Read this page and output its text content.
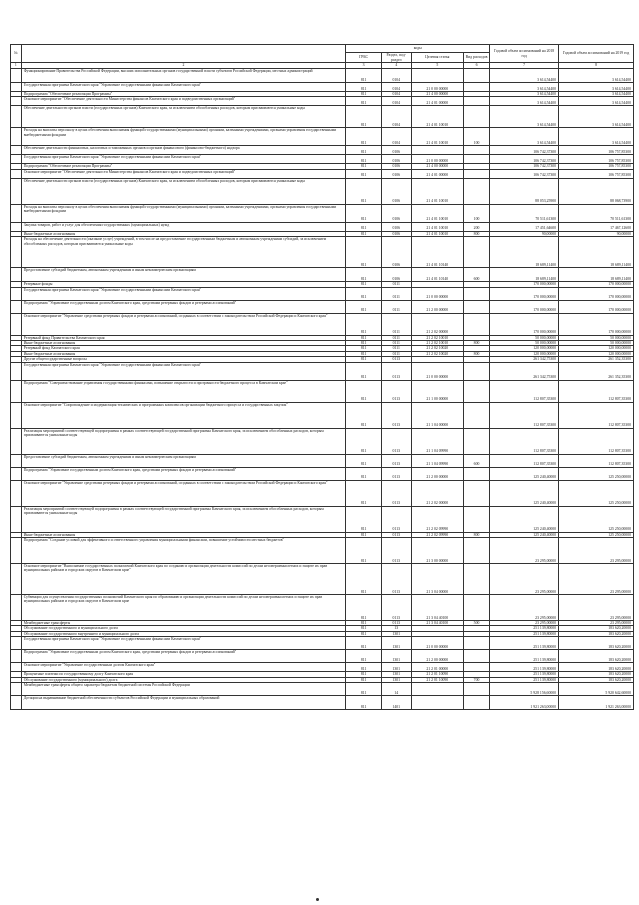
№		коды				Годовой объем ассигнований на 2018 год	Годовой объем ассигнований на 2019 год
		ГРБС	Раздел, под-раздел	Целевая статья	Вид расходов		
1	2	3	4	5	6	7	8
	Функционирование Правительства Российской Федерации, высших исполнительных органов государственной власти субъектов Российской Федерации, местных администраций	811	0104			3 614,54400	3 614,54400
	Государственная программа Камчатского края "Управление государственными финансами Камчатского края"	811	0104	21 0 00 00000		3 614,54400	3 614,54400
	Подпрограмма "Обеспечение реализации Программы"	811	0104	21 4 00 00000		3 614,54400	3 614,54400
	Основное мероприятие "Обеспечение деятельности Министерства финансов Камчатского края и подведомственных организаций"	811	0104	21 4 01 00000		3 614,54400	3 614,54400
	Обеспечение деятельности органов власти (государственных органов) Камчатского края, за исключением обособленных расходов, которым присваиваются уникальные коды	811	0104	21 4 01 10010		3 614,54400	3 614,54400
	Расходы на выплаты персоналу в целях обеспечения выполнения функций государственными (муниципальными) органами, казенными учреждениями, органами управления государственными внебюджетными фондами	811	0104	21 4 01 10010	100	3 614,54400	3 614,54400
	Обеспечение деятельности финансовых, налоговых и таможенных органов и органов финансового (финансово-бюджетного) надзора	811	0106			106 742,37300	106 757,85300
	Государственная программа Камчатского края "Управление государственными финансами Камчатского края"	811	0106	21 0 00 00000		106 742,37300	106 757,85300
	Подпрограмма "Обеспечение реализации Программы"	811	0106	21 4 00 00000		106 742,37300	106 757,85300
	Основное мероприятие "Обеспечение деятельности Министерства финансов Камчатского края и подведомственных организаций"	811	0106	21 4 01 00000		106 742,37300	106 757,85300
	Обеспечение деятельности органов власти (государственных органов) Камчатского края, за исключением обособленных расходов, которым присваиваются уникальные коды	811	0106	21 4 01 10010		88 053,25900	88 068,73900
	Расходы на выплаты персоналу в целях обеспечения выполнения функций государственными (муниципальными) органами, казенными учреждениями, органами управления государственными внебюджетными фондами	811	0106	21 4 01 10010	100	70 511,61300	70 511,61300
	Закупка товаров, работ и услуг для обеспечения государственных (муниципальных) нужд	811	0106	21 4 01 10010	200	17 451,64600	17 467,12600
	Иные бюджетные ассигнования	811	0106	21 4 01 10010	800	90,00000	90,00000
	Расходы на обеспечение деятельности (оказание услуг) учреждений, в том числе на предоставление государственным бюджетным и автономным учреждениям субсидий, за исключением обособленных расходов, которым присваиваются уникальные коды	811	0106	21 4 01 10140		18 689,11400	18 689,11400
	Предоставление субсидий бюджетным, автономным учреждениям и иным некоммерческим организациям	811	0106	21 4 01 10140	600	18 689,11400	18 689,11400
	Резервные фонды	811	0111			170 000,00000	170 000,00000
	Государственная программа Камчатского края "Управление государственными финансами Камчатского края"	811	0111	21 0 00 00000		170 000,00000	170 000,00000
	Подпрограмма "Управление государственным долгом Камчатского края, средствами резервных фондов и резервами ассигнований"	811	0111	21 2 00 00000		170 000,00000	170 000,00000
	Основное мероприятие "Управление средствами резервных фондов и резервами ассигнований, созданных в соответствии с законодательством Российской Федерации и Камчатского края"	811	0111	21 2 02 00000		170 000,00000	170 000,00000
	Резервный фонд Правительства Камчатского края	811	0111	21 2 02 10010		50 000,00000	50 000,00000
	Иные бюджетные ассигнования	811	0111	21 2 02 10010	800	50 000,00000	50 000,00000
	Резервный фонд Камчатского края	811	0111	21 2 02 10020		120 000,00000	120 000,00000
	Иные бюджетные ассигнования	811	0111	21 2 02 10020	800	120 000,00000	120 000,00000
	Другие общегосударственные вопросы	811	0113			261 342,75300	261 352,35300
	Государственная программа Камчатского края "Управление государственными финансами Камчатского края"	811	0113	21 0 00 00000		261 342,75300	261 352,35300
	Подпрограмма "Совершенствование управления государственными финансами, повышение открытости и прозрачности бюджетного процесса в Камчатском крае"	811	0113	21 1 00 00000		112 807,35300	112 807,35300
	Основное мероприятие "Сопровождение и модернизация технических и программных комплексов организации бюджетного процесса и государственных закупок"	811	0113	21 1 04 00000		112 807,35300	112 807,35300
	Реализация мероприятий соответствующей подпрограммы в рамках соответствующей государственной программы Камчатского края, за исключением обособленных расходов, которым присваиваются уникальные коды	811	0113	21 1 04 09990		112 807,35300	112 807,35300
	Предоставление субсидий бюджетным, автономным учреждениям и иным некоммерческим организациям	811	0113	21 1 04 09990	600	112 807,35300	112 807,35300
	Подпрограмма "Управление государственным долгом Камчатского края, средствами резервных фондов и резервами ассигнований"	811	0113	21 2 00 00000		125 240,40000	125 250,00000
	Основное мероприятие "Управление средствами резервных фондов и резервами ассигнований, созданных в соответствии с законодательством Российской Федерации и Камчатского края"	811	0113	21 2 02 00000		125 240,40000	125 250,00000
	Реализация мероприятий соответствующей подпрограммы в рамках соответствующей государственной программы Камчатского края, за исключением обособленных расходов, которым присваиваются уникальные коды	811	0113	21 2 02 09990		125 240,40000	125 250,00000
	Иные бюджетные ассигнования	811	0113	21 2 02 09990	800	125 240,40000	125 250,00000
	Подпрограмма "Создание условий для эффективного и ответственного управления муниципальными финансами, повышение устойчивости местных бюджетов"	811	0113	21 3 00 00000		23 295,00000	23 295,00000
	Основное мероприятие "Выполнение государственных полномочий Камчатского края по созданию и организации деятельности комиссий по делам несовершеннолетних и защите их прав муниципальных районов и городских округов в Камчатском крае"	811	0113	21 3 04 00000		23 295,00000	23 295,00000
	Субвенции для осуществления государственных полномочий Камчатского края по образованию и организации деятельности комиссий по делам несовершеннолетних и защите их прав муниципальных районов и городских округов в Камчатском крае	811	0113	21 3 04 40100		23 295,00000	23 295,00000
	Межбюджетные трансферты	811	0113	21 3 04 40100	500	23 295,00000	23 295,00000
	Обслуживание государственного и муниципального долга	811	13			251 139,80000	183 620,20000
	Обслуживание государственного внутреннего и муниципального долга	811	1301			251 139,80000	183 620,20000
	Государственная программа Камчатского края "Управление государственными финансами Камчатского края"	811	1301	21 0 00 00000		251 139,80000	183 620,20000
	Подпрограмма "Управление государственным долгом Камчатского края, средствами резервных фондов и резервами ассигнований"	811	1301	21 2 00 00000		251 139,80000	183 620,20000
	Основное мероприятие "Управление государственным долгом Камчатского края"	811	1301	21 2 01 00000		251 139,80000	183 620,20000
	Процентные платежи по государственному долгу Камчатского края	811	1301	21 2 01 10090		251 139,80000	183 620,20000
	Обслуживание государственного (муниципального) долга	811	1301	21 2 01 10090	700	251 139,80000	183 620,20000
	Межбюджетные трансферты общего характера бюджетам бюджетной системы Российской Федерации	811	14			5 928 156,60000	5 920 642,60000
	Дотации на выравнивание бюджетной обеспеченности субъектов Российской Федерации и муниципальных образований	811	1401			1 921 263,00000	1 921 263,00000
